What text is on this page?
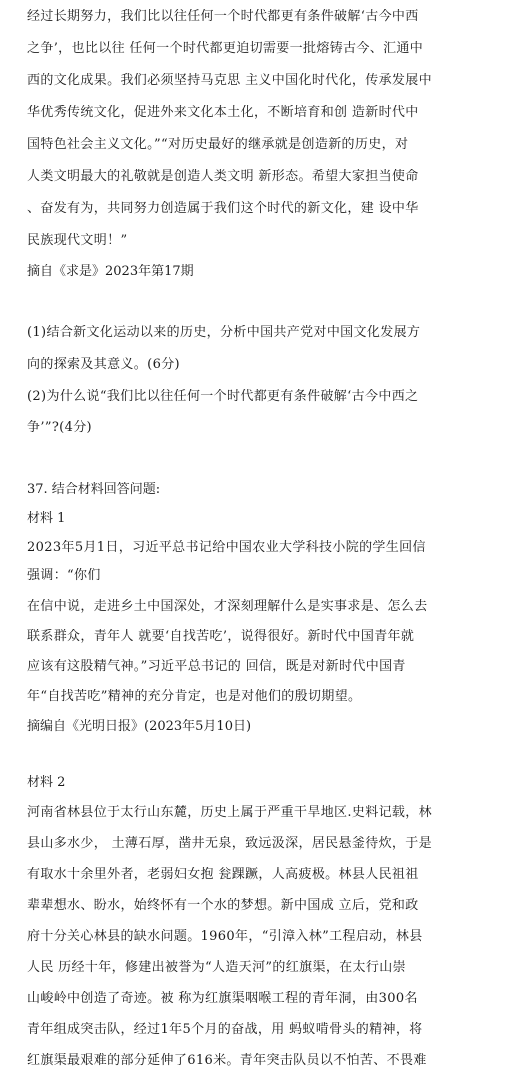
经过长期努力，我们比以往任何一个时代都更有条件破解‘古今中西
之争’，也比以往 任何一个时代都更迫切需要一批熔铸古今、汇通中
西的文化成果。我们必须坚持马克思 主义中国化时代化，传承发展中
华优秀传统文化，促进外来文化本土化，不断培育和创 造新时代中
国特色社会主义文化。”“对历史最好的继承就是创造新的历史，对
人类文明最大的礼敬就是创造人类文明 新形态。希望大家担当使命
、奋发有为，共同努力创造属于我们这个时代的新文化，建 设中华
民族现代文明！”
摘自《求是》2023年第17期
(1)结合新文化运动以来的历史，分析中国共产党对中国文化发展方
向的探索及其意义。(6分)
(2)为什么说“我们比以往任何一个时代都更有条件破解‘古今中西之
争’”?(4分)
37. 结合材料回答问题:
材料 1
2023年5月1日，习近平总书记给中国农业大学科技小院的学生回信
强调：“你们
在信中说，走进乡土中国深处，才深刻理解什么是实事求是、怎么去
联系群众，青年人 就要‘自找苦吃’，说得很好。新时代中国青年就
应该有这股精气神。”习近平总书记的 回信，既是对新时代中国青
年“自找苦吃”精神的充分肯定，也是对他们的殷切期望。
摘编自《光明日报》(2023年5月10日)
材料 2
河南省林县位于太行山东麓，历史上属于严重干旱地区.史料记载，林
县山多水少， 土薄石厚，凿井无泉，致远汲深，居民悬釜待炊，于是
有取水十余里外者，老弱妇女抱 瓮踝蹶，人高疲极。林县人民祖祖
辈辈想水、盼水，始终怀有一个水的梦想。新中国成 立后，党和政
府十分关心林县的缺水问题。1960年，“引漳入林”工程启动，林县
人民 历经十年，修建出被誉为“人造天河”的红旗渠，在太行山崇
山峻岭中创造了奇迹。被 称为红旗渠咽喉工程的青年洞，由300名
青年组成突击队，经过1年5个月的奋战，用 蚂蚁啃骨头的精神，将
红旗渠最艰难的部分延伸了616米。青年突击队员以不怕苦、不畏难
